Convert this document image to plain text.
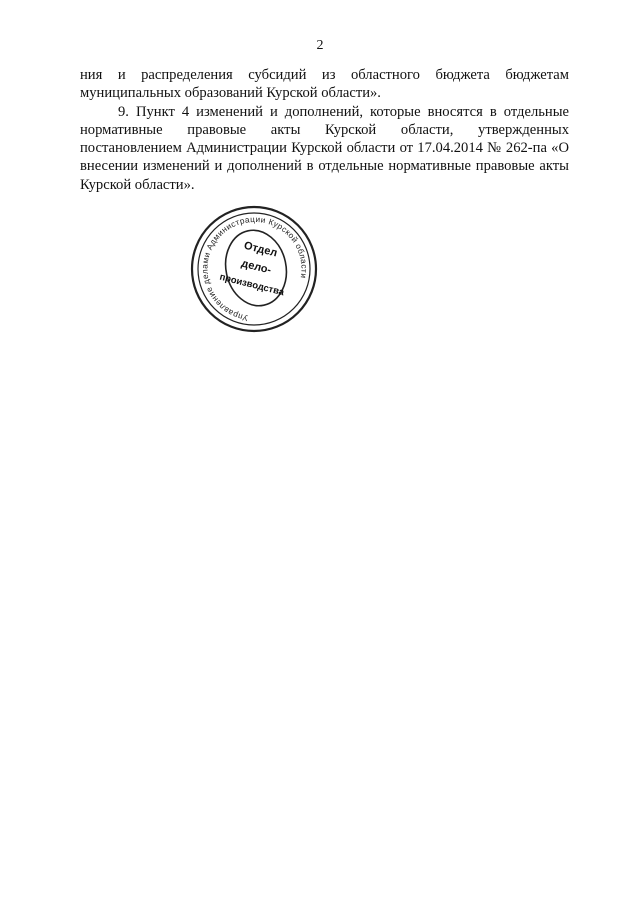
2

ния и распределения субсидий из областного бюджета бюджетам муниципальных образований Курской области».

9. Пункт 4 изменений и дополнений, которые вносятся в отдельные нормативные правовые акты Курской области, утвержденных постановлением Администрации Курской области от 17.04.2014 № 262-па «О внесении изменений и дополнений в отдельные нормативные правовые акты Курской области».

Управление делами Администрации Курской области
Отдел
дело-
производства
